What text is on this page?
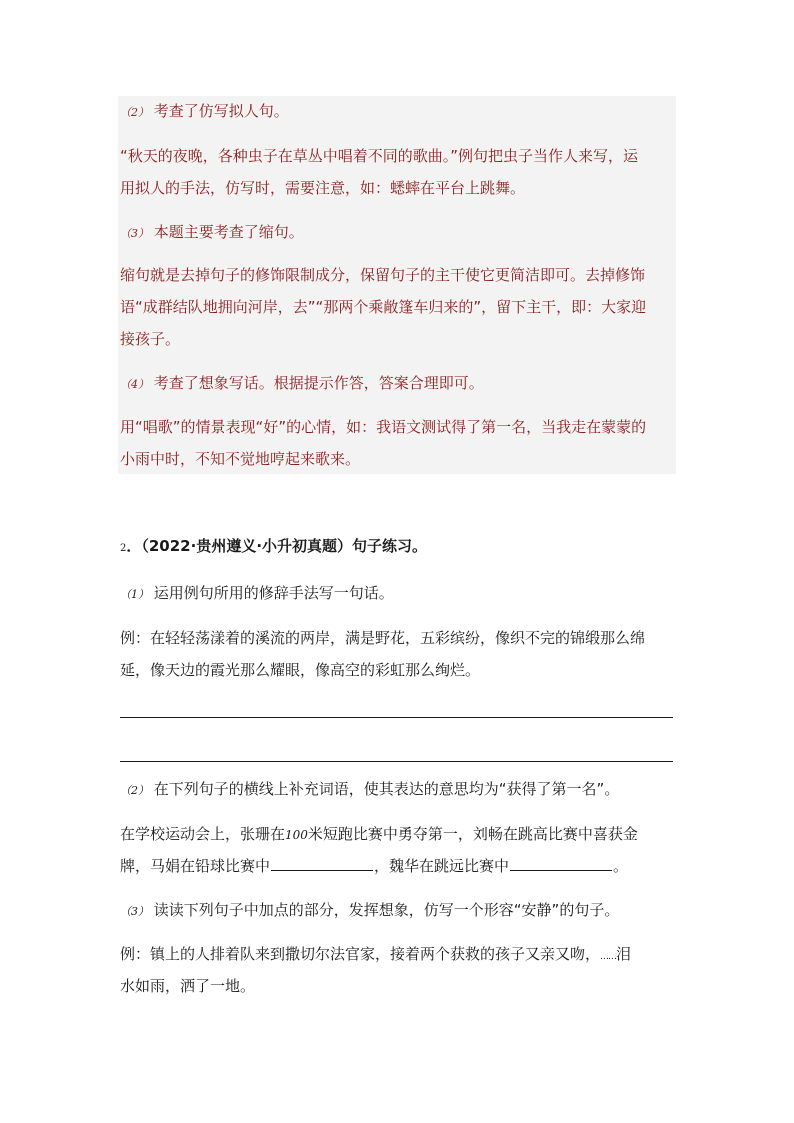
（2） 考查了仿写拟人句。
“秋天的夜晚，各种虫子在草丛中唱着不同的歌曲。”例句把虫子当作人来写，运
用拟人的手法，仿写时，需要注意，如：蟋蟀在平台上跳舞。
（3） 本题主要考查了缩句。
缩句就是去掉句子的修饰限制成分，保留句子的主干使它更简洁即可。去掉修饰
语“成群结队地拥向河岸，去”“那两个乘敞篷车归来的”，留下主干，即：大家迎
接孩子。
（4） 考查了想象写话。根据提示作答，答案合理即可。
用“唱歌”的情景表现“好”的心情，如：我语文测试得了第一名，当我走在蒙蒙的
小雨中时，不知不觉地哼起来歌来。
2．（2022·贵州遵义·小升初真题）句子练习。
（1） 运用例句所用的修辞手法写一句话。
例：在轻轻荡漾着的溪流的两岸，满是野花，五彩缤纷，像织不完的锦缎那么绵
延，像天边的霞光那么耀眼，像高空的彩虹那么绚烂。
（2） 在下列句子的横线上补充词语，使其表达的意思均为“获得了第一名”。
在学校运动会上，张珊在100米短跑比赛中勇夺第一，刘畅在跳高比赛中喜获金
牌，马娟在铅球比赛中	，魏华在跳远比赛中	。
（3） 读读下列句子中加点的部分，发挥想象，仿写一个形容“安静”的句子。
例：镇上的人排着队来到撒切尔法官家，接着两个获救的孩子又亲又吻，……泪
水如雨，洒了一地。
